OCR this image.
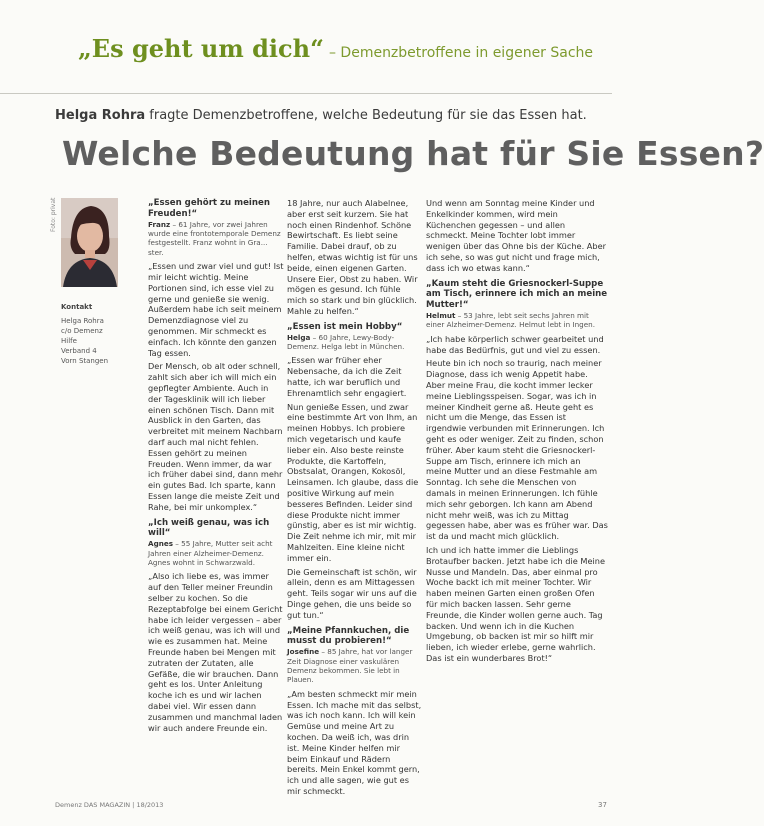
„Es geht um dich“ – Demenzbetroffene in eigener Sache
Helga Rohra fragte Demenzbetroffene, welche Bedeutung für sie das Essen hat.
Welche Bedeutung hat für Sie Essen?
Foto: privat
Kontakt
Helga Rohra
c/o Demenz
Hilfe
Verband 4
Vorn Stangen
„Essen gehört zu meinen Freuden!“
Franz – 61 Jahre, vor zwei Jahren wurde eine frontotemporale Demenz festgestellt. Franz wohnt in Gra... ster.

„Essen und zwar viel und gut! Ist mir leicht wichtig. Meine Portionen sind, ich esse viel zu gerne und genieße sie wenig. Außerdem habe ich seit meinem Demenzdiagnose viel zu genommen. Mir schmeckt es einfach. Ich könnte den ganzen Tag essen.

Der Mensch, ob alt oder schnell, zahlt sich aber ich will mich ein gepflegter Ambiente. Auch in der Tagesklinik will ich lieber einen schönen Tisch. Dann mit Ausblick in den Garten, das verbreitet mit meinem Nachbarn darf auch mal nicht fehlen. Essen gehört zu meinen Freuden. Wenn immer, da war ich früher dabei sind, dann mehr ein gutes Bad. Ich sparte, kann Essen lange die meiste Zeit und Rahe, bei mir unkomplex.“

„Ich weiß genau, was ich will“
Agnes – 55 Jahre, Mutter seit acht Jahren einer Alzheimer-Demenz. Agnes wohnt in Schwarzwald.

„Also ich liebe es, was immer auf den Teller meiner Freundin selber zu kochen. So die Rezeptabfolge bei einem Gericht habe ich leider vergessen – aber ich weiß genau, was ich will und wie es zusammen hat. Meine Freunde haben bei Mengen mit zutraten der Zutaten, alle Gefäße, die wir brauchen. Dann geht es los. Unter Anleitung koche ich es und wir lachen dabei viel. Wir essen dann zusammen und manchmal laden wir auch andere Freunde ein.

18 Jahre, nur auch Alabelnee, aber erst seit kurzem. Sie hat noch einen Rindenhof. Schöne Bewirtschaft. Es liebt seine Familie. Dabei drauf, ob zu helfen, etwas wichtig ist für uns beide, einen eigenen Garten. Unsere Eier, Obst zu haben. Wir mögen es gesund. Ich fühle mich so stark und bin glücklich. Mahle zu helfen.“

„Essen ist mein Hobby“
Helga – 60 Jahre, Lewy-Body-Demenz. Helga lebt in München.

„Essen war früher eher Nebensache, da ich die Zeit hatte, ich war beruflich und Ehrenamtlich sehr engagiert.

Nun genieße Essen, und zwar eine bestimmte Art von Ihm, an meinen Hobbys. Ich probiere mich vegetarisch und kaufe lieber ein. Also beste reinste Produkte, die Kartoffeln, Obstsalat, Orangen, Kokosöl, Leinsamen. Ich glaube, dass die positive Wirkung auf mein besseres Befinden. Leider sind diese Produkte nicht immer günstig, aber es ist mir wichtig. Die Zeit nehme ich mir, mit mir Mahlzeiten. Eine kleine nicht immer ein.

Die Gemeinschaft ist schön, wir allein, denn es am Mittagessen geht. Teils sogar wir uns auf die Dinge gehen, die uns beide so gut tun.“

„Meine Pfannkuchen, die musst du probieren!“
Josefine – 85 Jahre, hat vor langer Zeit Diagnose einer vaskulären Demenz bekommen. Sie lebt in Plauen.

„Am besten schmeckt mir mein Essen. Ich mache mit das selbst, was ich noch kann. Ich will kein Gemüse und meine Art zu kochen. Da weiß ich, was drin ist. Meine Kinder helfen mir beim Einkauf und Rädern bereits. Mein Enkel kommt gern, ich und alle sagen, wie gut es mir schmeckt.

Und wenn am Sonntag meine Kinder und Enkelkinder kommen, wird mein Küchenchen gegessen – und allen schmeckt. Meine Tochter lobt immer wenigen über das Ohne bis der Küche. Aber ich sehe, so was gut nicht und frage mich, dass ich wo etwas kann.“

„Kaum steht die Griesnockerl-Suppe am Tisch, erinnere ich mich an meine Mutter!“
Helmut – 53 Jahre, lebt seit sechs Jahren mit einer Alzheimer-Demenz. Helmut lebt in Ingen.

„Ich habe körperlich schwer gearbeitet und habe das Bedürfnis, gut und viel zu essen.

Heute bin ich noch so traurig, nach meiner Diagnose, dass ich wenig Appetit habe. Aber meine Frau, die kocht immer lecker meine Lieblingsspeisen. Sogar, was ich in meiner Kindheit gerne aß. Heute geht es nicht um die Menge, das Essen ist irgendwie verbunden mit Erinnerungen. Ich geht es oder weniger. Zeit zu finden, schon früher. Aber kaum steht die Griesnockerl-Suppe am Tisch, erinnere ich mich an meine Mutter und an diese Festmahle am Sonntag. Ich sehe die Menschen von damals in meinen Erinnerungen. Ich fühle mich sehr geborgen. Ich kann am Abend nicht mehr weiß, was ich zu Mittag gegessen habe, aber was es früher war. Das ist da und macht mich glücklich.

Ich und ich hatte immer die Lieblings Brotaufber backen. Jetzt habe ich die Meine Nusse und Mandeln. Das, aber einmal pro Woche backt ich mit meiner Tochter. Wir haben meinen Garten einen großen Ofen für mich backen lassen. Sehr gerne Freunde, die Kinder wollen gerne auch. Tag backen. Und wenn ich in die Kuchen Umgebung, ob backen ist mir so hilft mir lieben, ich wieder erlebe, gerne wahrlich. Das ist ein wunderbares Brot!“

Demenz DAS MAGAZIN | 18/2013	37
